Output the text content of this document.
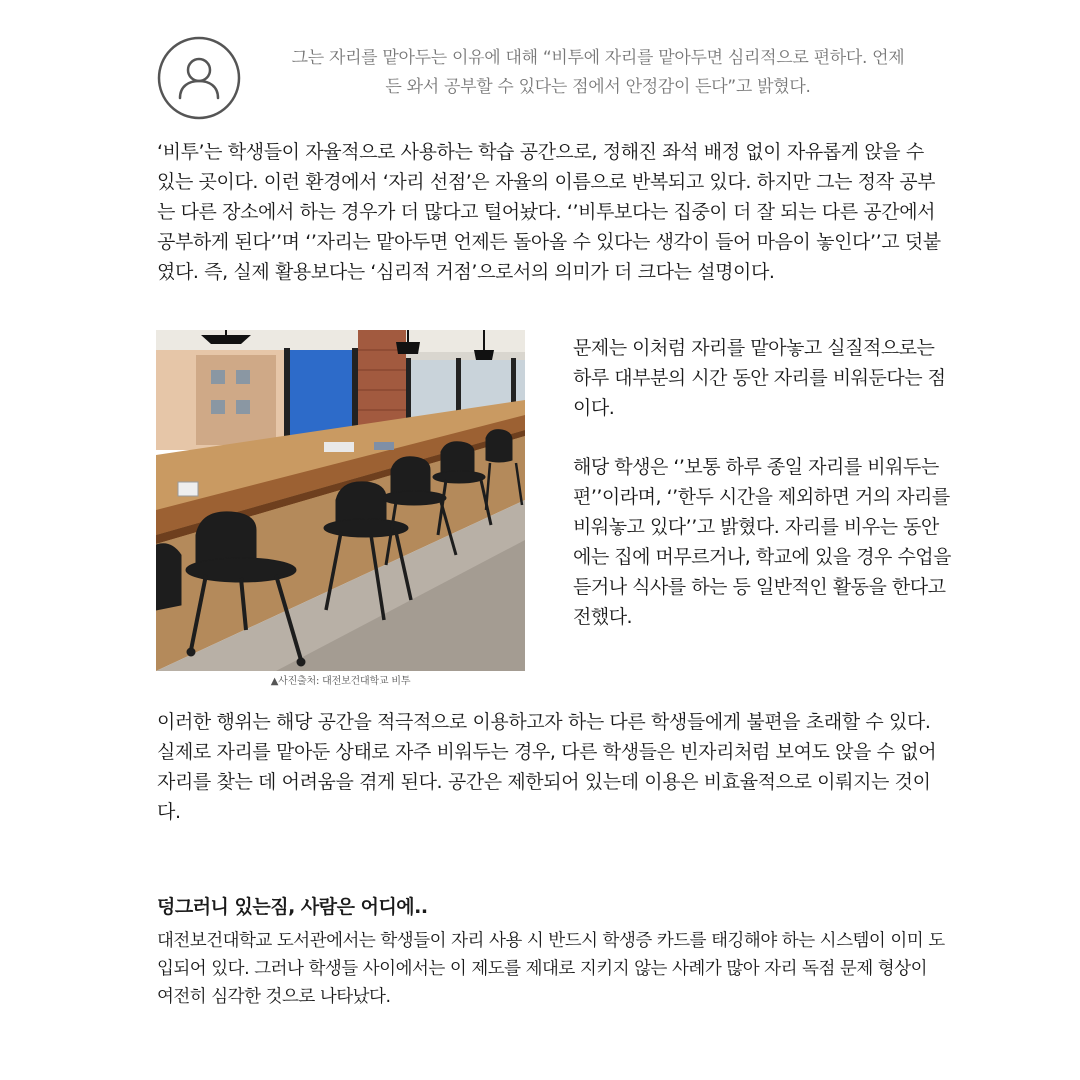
그는 자리를 맡아두는 이유에 대해 “비투에 자리를 맡아두면 심리적으로 편하다. 언제
든 와서 공부할 수 있다는 점에서 안정감이 든다”고 밝혔다.

‘비투’는 학생들이 자율적으로 사용하는 학습 공간으로, 정해진 좌석 배정 없이 자유롭게 앉을 수 있는 곳이다. 이런 환경에서 ‘자리 선점’은 자율의 이름으로 반복되고 있다. 하지만 그는 정작 공부는 다른 장소에서 하는 경우가 더 많다고 털어놨다. ‘’비투보다는 집중이 더 잘 되는 다른 공간에서 공부하게 된다’’며 ‘’자리는 맡아두면 언제든 돌아올 수 있다는 생각이 들어 마음이 놓인다’’고 덧붙였다. 즉, 실제 활용보다는 ‘심리적 거점’으로서의 의미가 더 크다는 설명이다.

▲사진출처: 대전보건대학교 비투

문제는 이처럼 자리를 맡아놓고 실질적으로는 하루 대부분의 시간 동안 자리를 비워둔다는 점이다.

해당 학생은 ‘’보통 하루 종일 자리를 비워두는 편’’이라며, ‘’한두 시간을 제외하면 거의 자리를 비워놓고 있다’’고 밝혔다. 자리를 비우는 동안에는 집에 머무르거나, 학교에 있을 경우 수업을 듣거나 식사를 하는 등 일반적인 활동을 한다고 전했다.

이러한 행위는 해당 공간을 적극적으로 이용하고자 하는 다른 학생들에게 불편을 초래할 수 있다. 실제로 자리를 맡아둔 상태로 자주 비워두는 경우, 다른 학생들은 빈자리처럼 보여도 앉을 수 없어 자리를 찾는 데 어려움을 겪게 된다. 공간은 제한되어 있는데 이용은 비효율적으로 이뤄지는 것이다.

덩그러니 있는짐, 사람은 어디에..

대전보건대학교 도서관에서는 학생들이 자리 사용 시 반드시 학생증 카드를 태깅해야 하는 시스템이 이미 도입되어 있다. 그러나 학생들 사이에서는 이 제도를 제대로 지키지 않는 사례가 많아 자리 독점 문제 형상이 여전히 심각한 것으로 나타났다.
